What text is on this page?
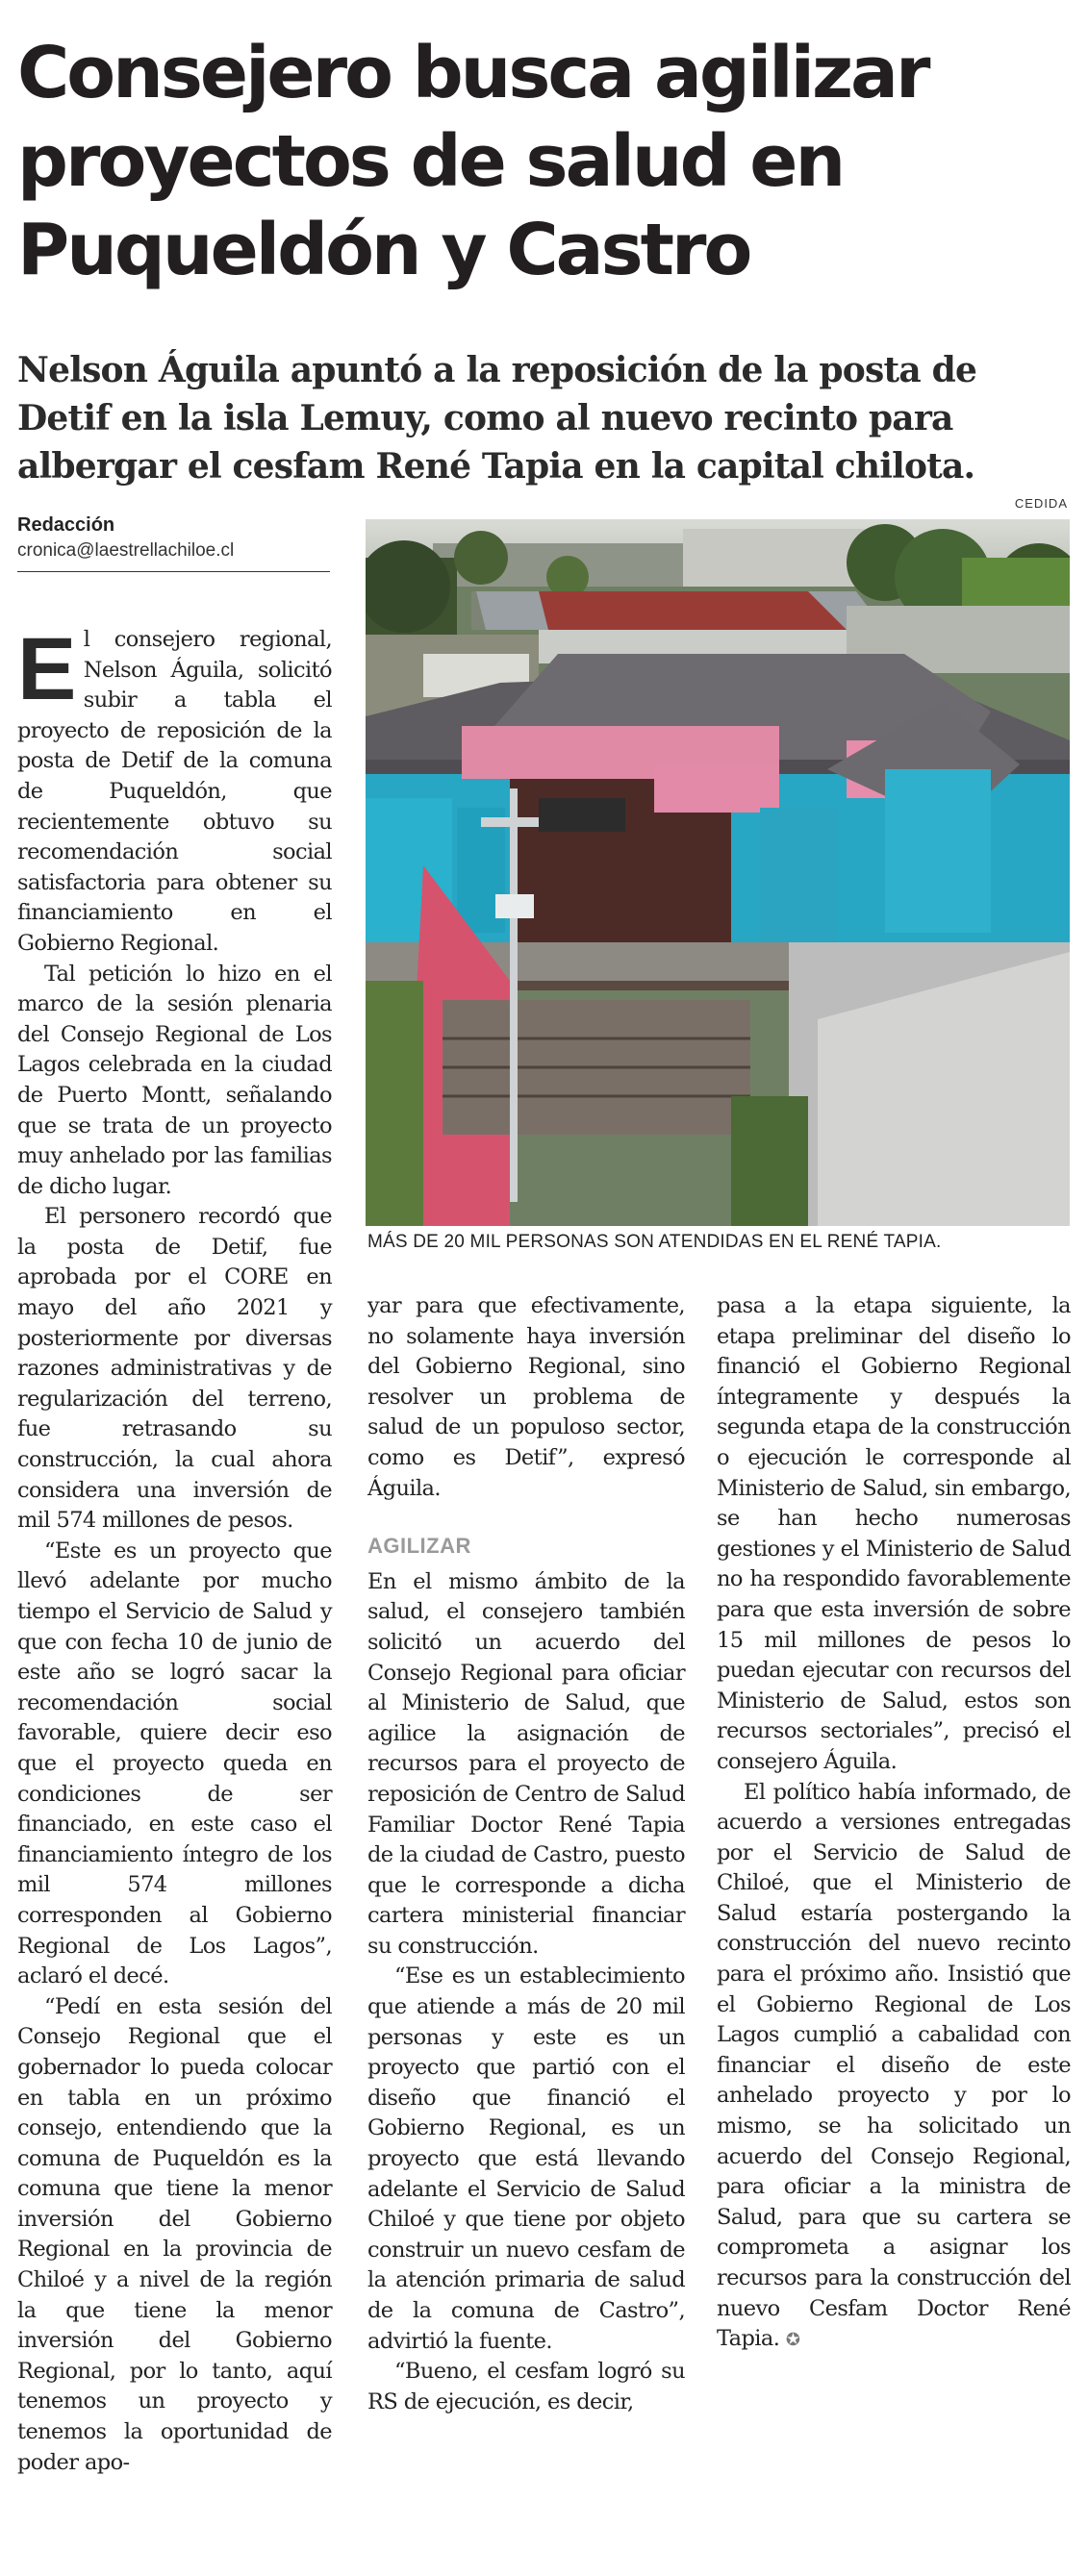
Consejero busca agilizar proyectos de salud en Puqueldón y Castro

Nelson Águila apuntó a la reposición de la posta de Detif en la isla Lemuy, como al nuevo recinto para albergar el cesfam René Tapia en la capital chilota.

Redacción
cronica@laestrellachiloe.cl
CEDIDA
MÁS DE 20 MIL PERSONAS SON ATENDIDAS EN EL RENÉ TAPIA.
E l consejero regional, Nelson Águila, solicitó subir a tabla el proyecto de reposición de la posta de Detif de la comuna de Puqueldón, que recientemente obtuvo su recomendación social satisfactoria para obtener su financiamiento en el Gobierno Regional.

Tal petición lo hizo en el marco de la sesión plenaria del Consejo Regional de Los Lagos celebrada en la ciudad de Puerto Montt, señalando que se trata de un proyecto muy anhelado por las familias de dicho lugar.

El personero recordó que la posta de Detif, fue aprobada por el CORE en mayo del año 2021 y posteriormente por diversas razones administrativas y de regularización del terreno, fue retrasando su construcción, la cual ahora considera una inversión de mil 574 millones de pesos.

“Este es un proyecto que llevó adelante por mucho tiempo el Servicio de Salud y que con fecha 10 de junio de este año se logró sacar la recomendación social favorable, quiere decir eso que el proyecto queda en condiciones de ser financiado, en este caso el financiamiento íntegro de los mil 574 millones corresponden al Gobierno Regional de Los Lagos”, aclaró el decé.

“Pedí en esta sesión del Consejo Regional que el gobernador lo pueda colocar en tabla en un próximo consejo, entendiendo que la comuna de Puqueldón es la comuna que tiene la menor inversión del Gobierno Regional en la provincia de Chiloé y a nivel de la región la que tiene la menor inversión del Gobierno Regional, por lo tanto, aquí tenemos un proyecto y tenemos la oportunidad de poder apo-

yar para que efectivamente, no solamente haya inversión del Gobierno Regional, sino resolver un problema de salud de un populoso sector, como es Detif”, expresó Águila.

AGILIZAR

En el mismo ámbito de la salud, el consejero también solicitó un acuerdo del Consejo Regional para oficiar al Ministerio de Salud, que agilice la asignación de recursos para el proyecto de reposición de Centro de Salud Familiar Doctor René Tapia de la ciudad de Castro, puesto que le corresponde a dicha cartera ministerial financiar su construcción.

“Ese es un establecimiento que atiende a más de 20 mil personas y este es un proyecto que partió con el diseño que financió el Gobierno Regional, es un proyecto que está llevando adelante el Servicio de Salud Chiloé y que tiene por objeto construir un nuevo cesfam de la atención primaria de salud de la comuna de Castro”, advirtió la fuente.

“Bueno, el cesfam logró su RS de ejecución, es decir,

pasa a la etapa siguiente, la etapa preliminar del diseño lo financió el Gobierno Regional íntegramente y después la segunda etapa de la construcción o ejecución le corresponde al Ministerio de Salud, sin embargo, se han hecho numerosas gestiones y el Ministerio de Salud no ha respondido favorablemente para que esta inversión de sobre 15 mil millones de pesos lo puedan ejecutar con recursos del Ministerio de Salud, estos son recursos sectoriales”, precisó el consejero Águila.

El político había informado, de acuerdo a versiones entregadas por el Servicio de Salud de Chiloé, que el Ministerio de Salud estaría postergando la construcción del nuevo recinto para el próximo año. Insistió que el Gobierno Regional de Los Lagos cumplió a cabalidad con financiar el diseño de este anhelado proyecto y por lo mismo, se ha solicitado un acuerdo del Consejo Regional, para oficiar a la ministra de Salud, para que su cartera se comprometa a asignar los recursos para la construcción del nuevo Cesfam Doctor René Tapia. ✪
